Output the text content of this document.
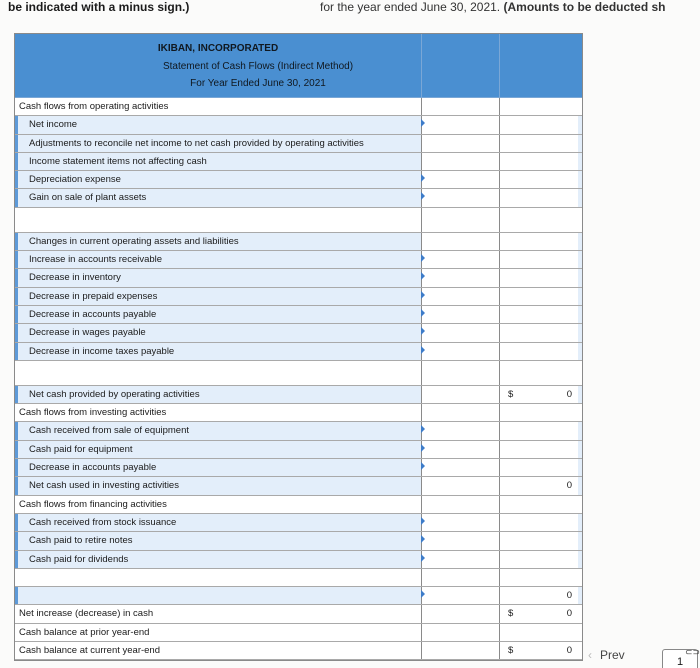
be indicated with a minus sign.)	for the year ended June 30, 2021. (Amounts to be deducted sh
IKIBAN, INCORPORATED
Statement of Cash Flows (Indirect Method)
For Year Ended June 30, 2021
Cash flows from operating activities
Net income
Adjustments to reconcile net income to net cash provided by operating activities
Income statement items not affecting cash
Depreciation expense
Gain on sale of plant assets
Changes in current operating assets and liabilities
Increase in accounts receivable
Decrease in inventory
Decrease in prepaid expenses
Decrease in accounts payable
Decrease in wages payable
Decrease in income taxes payable
Net cash provided by operating activities	$	0
Cash flows from investing activities
Cash received from sale of equipment
Cash paid for equipment
Decrease in accounts payable
Net cash used in investing activities	0
Cash flows from financing activities
Cash received from stock issuance
Cash paid to retire notes
Cash paid for dividends
0
Net increase (decrease) in cash	$	0
Cash balance at prior year-end
Cash balance at current year-end	$	0 ‹ Prev	1
⊂⊃
